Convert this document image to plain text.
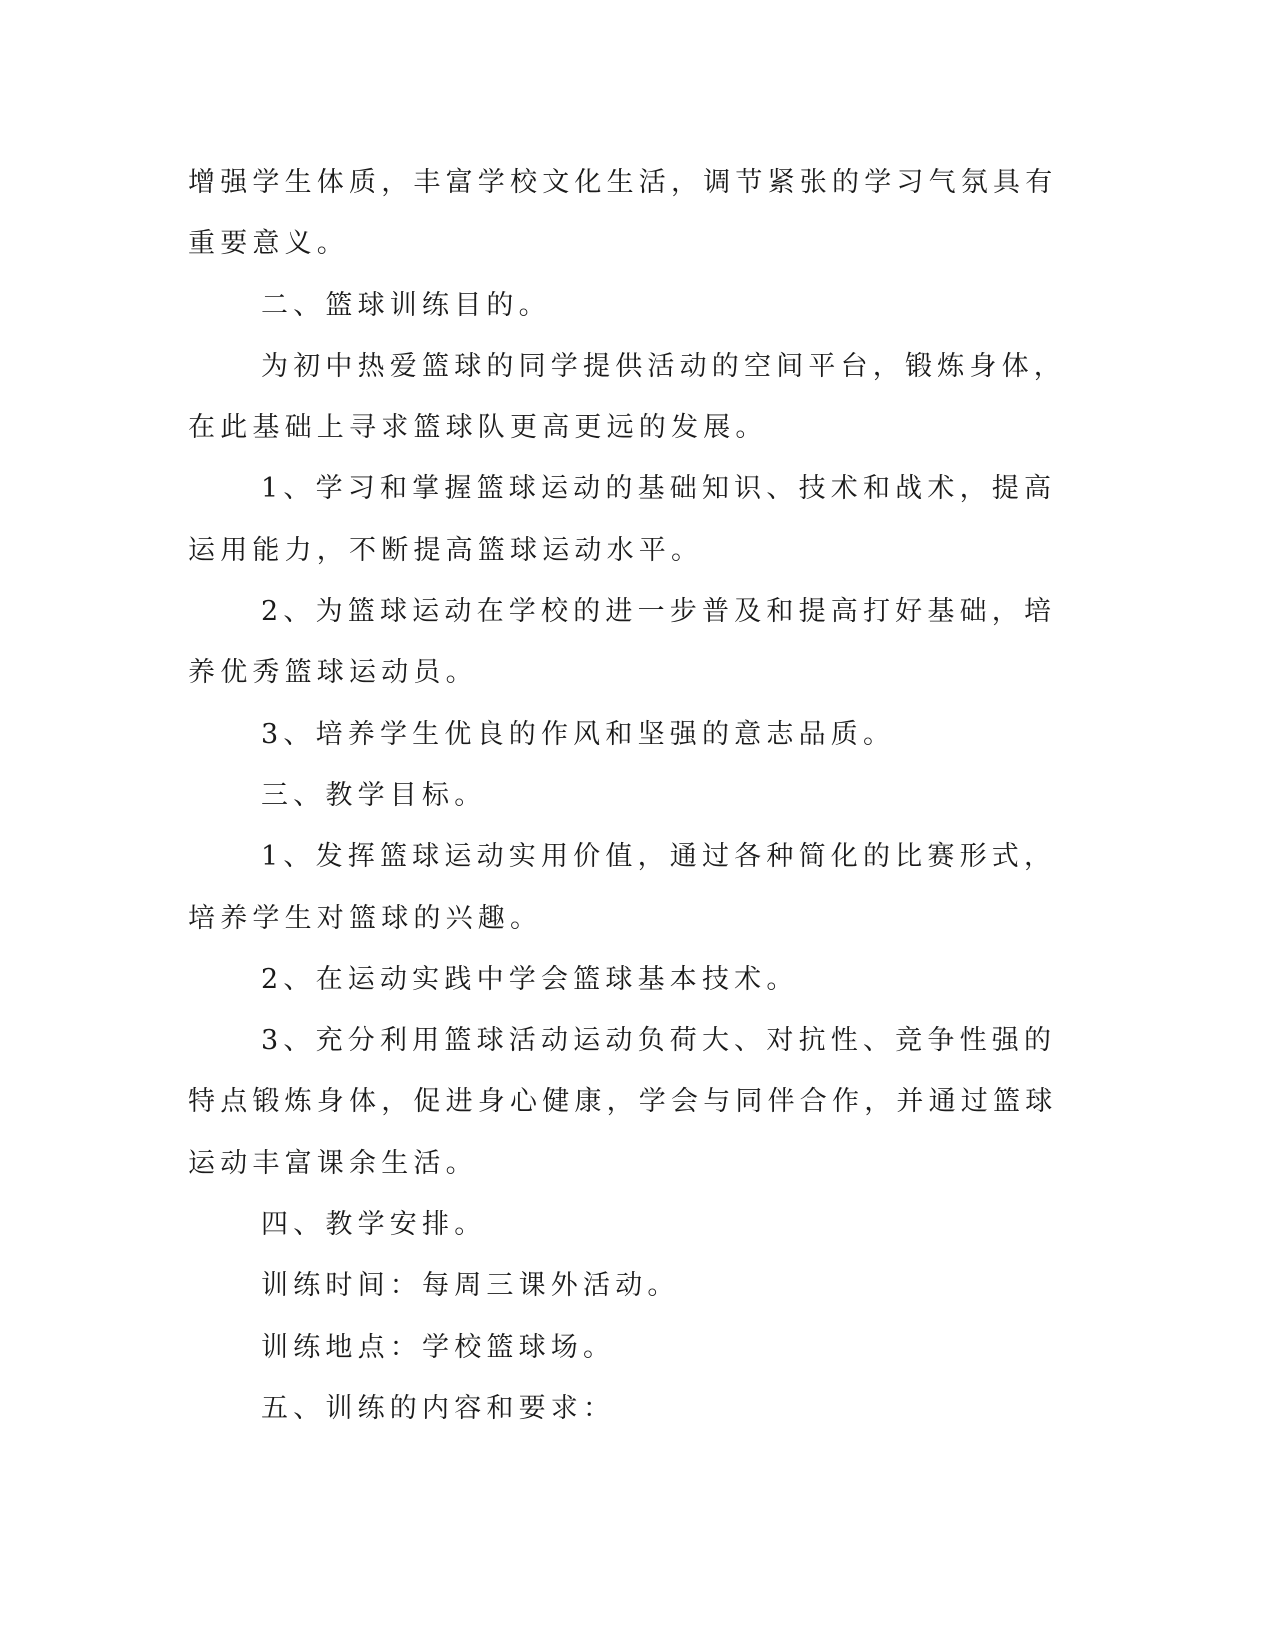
增强学生体质，丰富学校文化生活，调节紧张的学习气氛具有重要意义。

二、篮球训练目的。

为初中热爱篮球的同学提供活动的空间平台，锻炼身体，在此基础上寻求篮球队更高更远的发展。

1、学习和掌握篮球运动的基础知识、技术和战术，提高运用能力，不断提高篮球运动水平。

2、为篮球运动在学校的进一步普及和提高打好基础，培养优秀篮球运动员。

3、培养学生优良的作风和坚强的意志品质。

三、教学目标。

1、发挥篮球运动实用价值，通过各种简化的比赛形式，培养学生对篮球的兴趣。

2、在运动实践中学会篮球基本技术。

3、充分利用篮球活动运动负荷大、对抗性、竞争性强的特点锻炼身体，促进身心健康，学会与同伴合作，并通过篮球运动丰富课余生活。

四、教学安排。

训练时间：每周三课外活动。

训练地点：学校篮球场。

五、训练的内容和要求：
